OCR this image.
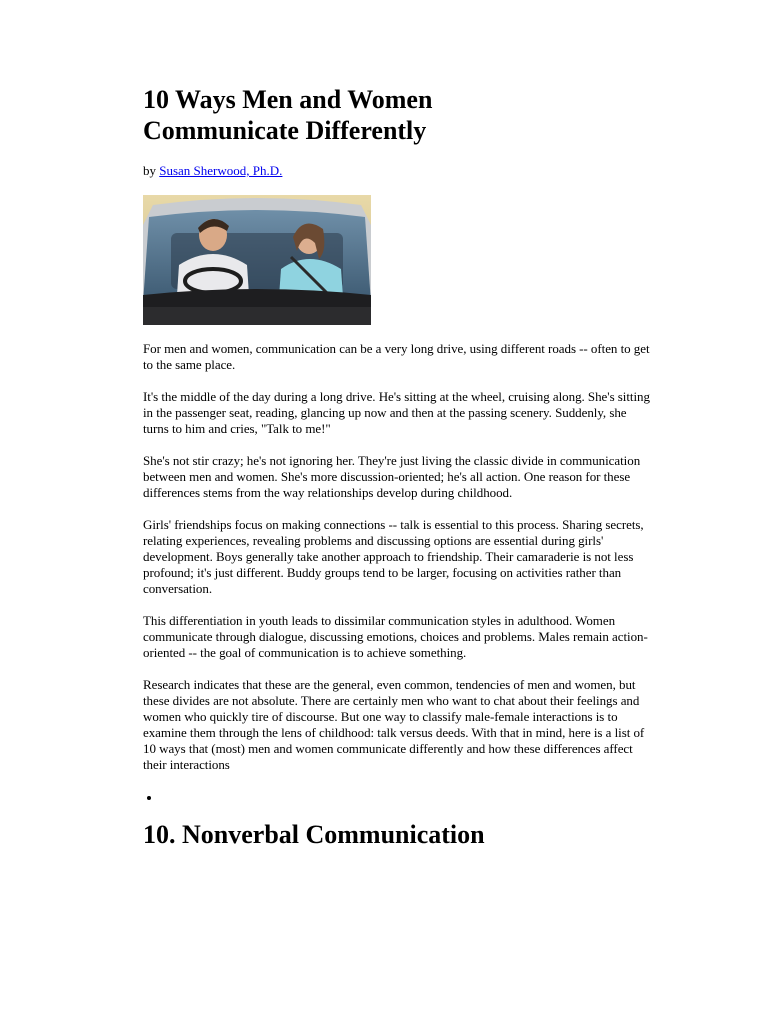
10 Ways Men and Women
Communicate Differently
by Susan Sherwood, Ph.D.

For men and women, communication can be a very long drive, using different roads -- often to get to the same place.

It's the middle of the day during a long drive. He's sitting at the wheel, cruising along. She's sitting in the passenger seat, reading, glancing up now and then at the passing scenery. Suddenly, she turns to him and cries, "Talk to me!"

She's not stir crazy; he's not ignoring her. They're just living the classic divide in communication between men and women. She's more discussion-oriented; he's all action. One reason for these differences stems from the way relationships develop during childhood.

Girls' friendships focus on making connections -- talk is essential to this process. Sharing secrets, relating experiences, revealing problems and discussing options are essential during girls' development. Boys generally take another approach to friendship. Their camaraderie is not less profound; it's just different. Buddy groups tend to be larger, focusing on activities rather than conversation.

This differentiation in youth leads to dissimilar communication styles in adulthood. Women communicate through dialogue, discussing emotions, choices and problems. Males remain action-oriented -- the goal of communication is to achieve something.

Research indicates that these are the general, even common, tendencies of men and women, but these divides are not absolute. There are certainly men who want to chat about their feelings and women who quickly tire of discourse. But one way to classify male-female interactions is to examine them through the lens of childhood: talk versus deeds. With that in mind, here is a list of 10 ways that (most) men and women communicate differently and how these differences affect their interactions

•
10. Nonverbal Communication
